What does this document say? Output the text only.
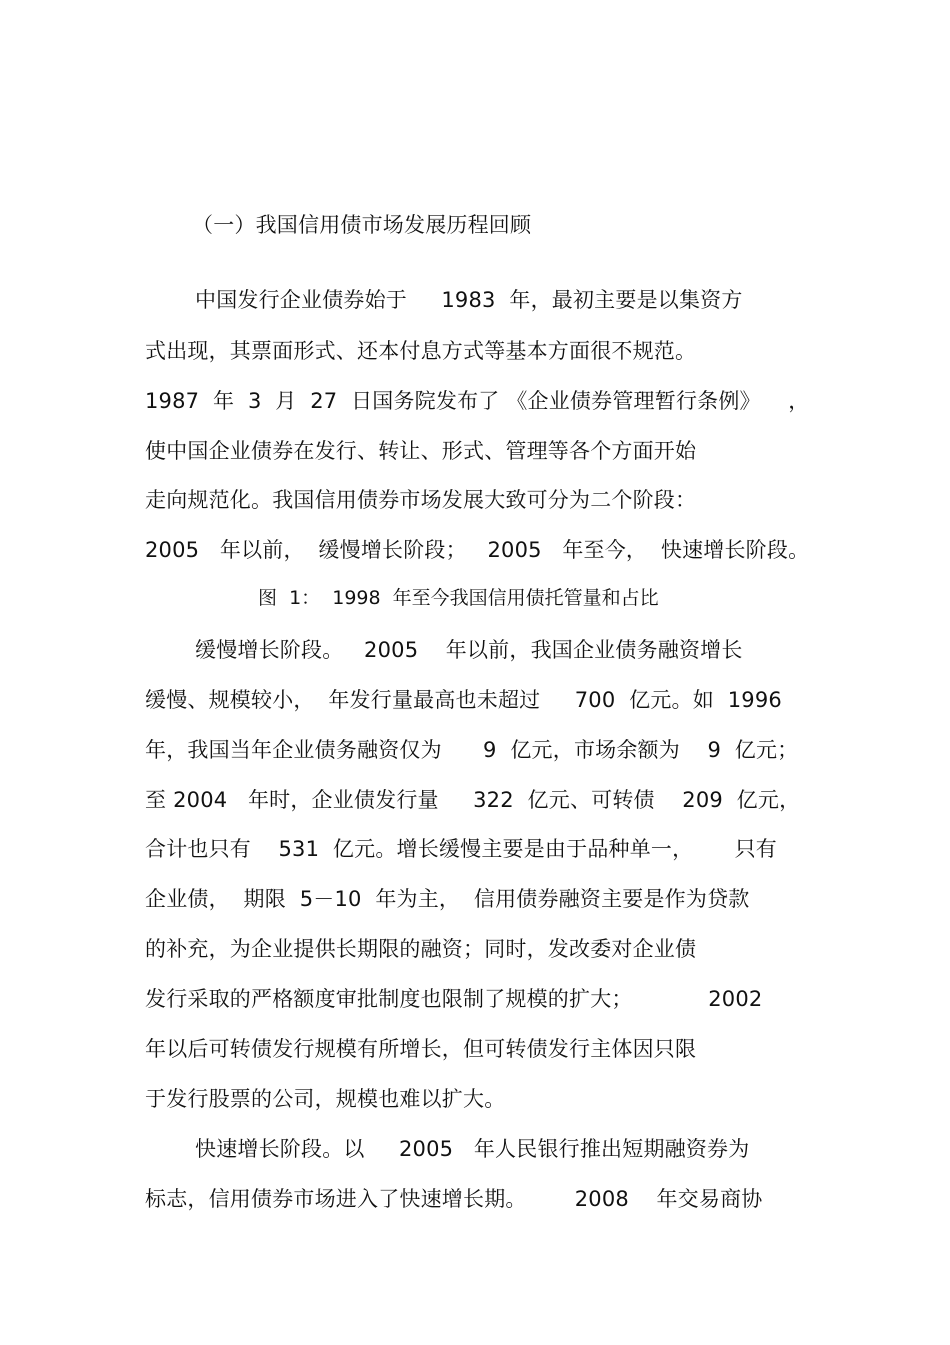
（一）我国信用债市场发展历程回顾
中国发行企业债券始于     1983  年，最初主要是以集资方
式出现，其票面形式、还本付息方式等基本方面很不规范。
1987  年  3  月  27  日国务院发布了 《企业债券管理暂行条例》    ，
使中国企业债券在发行、转让、形式、管理等各个方面开始
走向规范化。我国信用债券市场发展大致可分为二个阶段：
2005   年以前，  缓慢增长阶段；   2005   年至今，  快速增长阶段。
图  1：  1998  年至今我国信用债托管量和占比
缓慢增长阶段。   2005    年以前，我国企业债务融资增长
缓慢、规模较小，  年发行量最高也未超过     700  亿元。如  1996
年，我国当年企业债务融资仅为      9  亿元，市场余额为    9  亿元；
至 2004   年时，企业债发行量     322  亿元、可转债    209  亿元，
合计也只有    531  亿元。增长缓慢主要是由于品种单一，      只有
企业债，  期限  5－10  年为主，  信用债券融资主要是作为贷款
的补充，为企业提供长期限的融资；同时，发改委对企业债
发行采取的严格额度审批制度也限制了规模的扩大；           2002
年以后可转债发行规模有所增长，但可转债发行主体因只限
于发行股票的公司，规模也难以扩大。
快速增长阶段。以     2005   年人民银行推出短期融资券为
标志，信用债券市场进入了快速增长期。       2008    年交易商协
